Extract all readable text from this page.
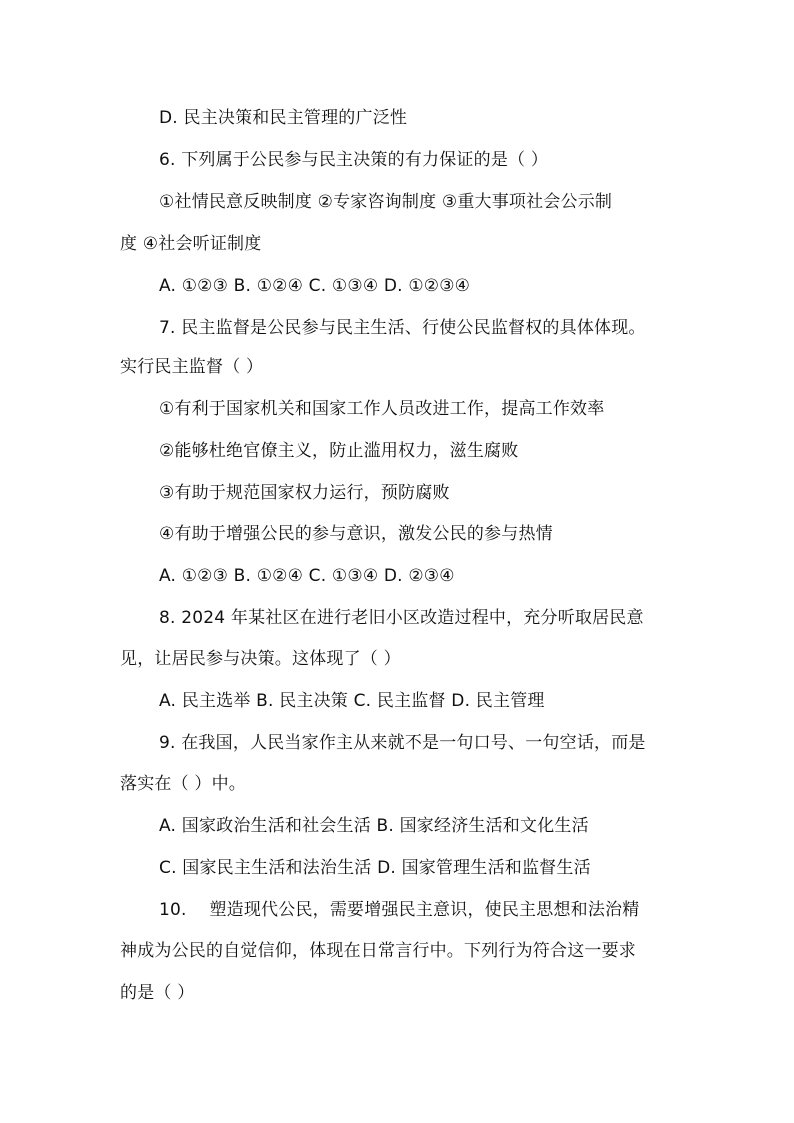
D. 民主决策和民主管理的广泛性
6. 下列属于公民参与民主决策的有力保证的是（ ）
①社情民意反映制度 ②专家咨询制度 ③重大事项社会公示制
度 ④社会听证制度
A. ①②③ B. ①②④ C. ①③④ D. ①②③④
7. 民主监督是公民参与民主生活、行使公民监督权的具体体现。
实行民主监督（ ）
①有利于国家机关和国家工作人员改进工作，提高工作效率
②能够杜绝官僚主义，防止滥用权力，滋生腐败
③有助于规范国家权力运行，预防腐败
④有助于增强公民的参与意识，激发公民的参与热情
A. ①②③ B. ①②④ C. ①③④ D. ②③④
8. 2024 年某社区在进行老旧小区改造过程中，充分听取居民意
见，让居民参与决策。这体现了（ ）
A. 民主选举 B. 民主决策 C. 民主监督 D. 民主管理
9. 在我国，人民当家作主从来就不是一句口号、一句空话，而是
落实在（ ）中。
A. 国家政治生活和社会生活 B. 国家经济生活和文化生活
C. 国家民主生活和法治生活 D. 国家管理生活和监督生活
10.　 塑造现代公民，需要增强民主意识，使民主思想和法治精
神成为公民的自觉信仰，体现在日常言行中。下列行为符合这一要求
的是（ ）
